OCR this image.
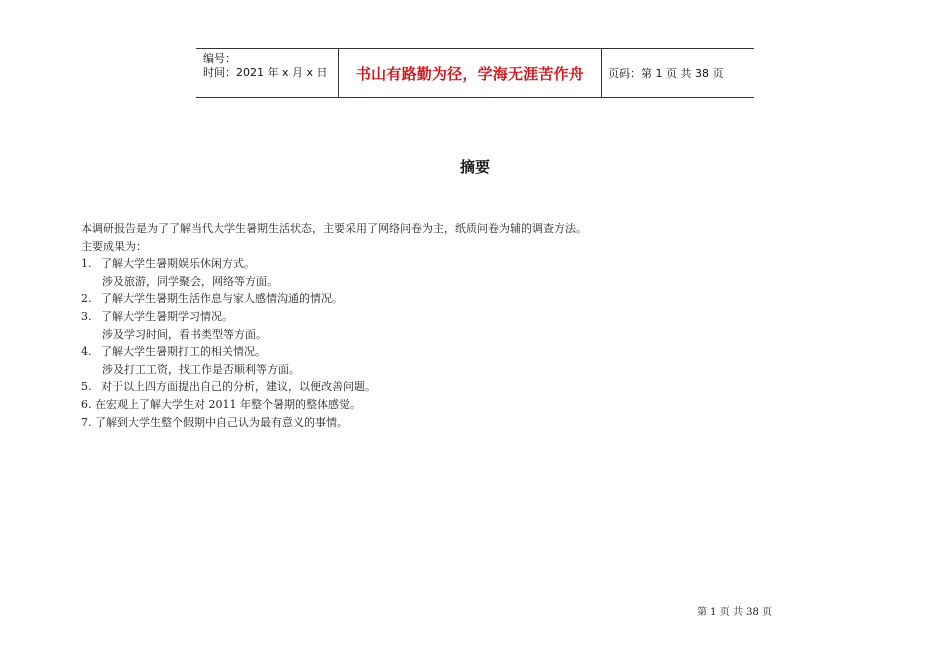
编号：
时间：2021 年 x 月 x 日	书山有路勤为径，学海无涯苦作舟	页码：第 1 页 共 38 页
摘要
本调研报告是为了了解当代大学生暑期生活状态，主要采用了网络问卷为主，纸质问卷为辅的调查方法。
主要成果为：
1. 了解大学生暑期娱乐休闲方式。
涉及旅游，同学聚会，网络等方面。
2. 了解大学生暑期生活作息与家人感情沟通的情况。
3. 了解大学生暑期学习情况。
涉及学习时间，看书类型等方面。
4. 了解大学生暑期打工的相关情况。
涉及打工工资，找工作是否顺利等方面。
5. 对于以上四方面提出自己的分析，建议，以便改善问题。
6. 在宏观上了解大学生对 2011 年整个暑期的整体感觉。
7. 了解到大学生整个假期中自己认为最有意义的事情。
第 1 页 共 38 页
